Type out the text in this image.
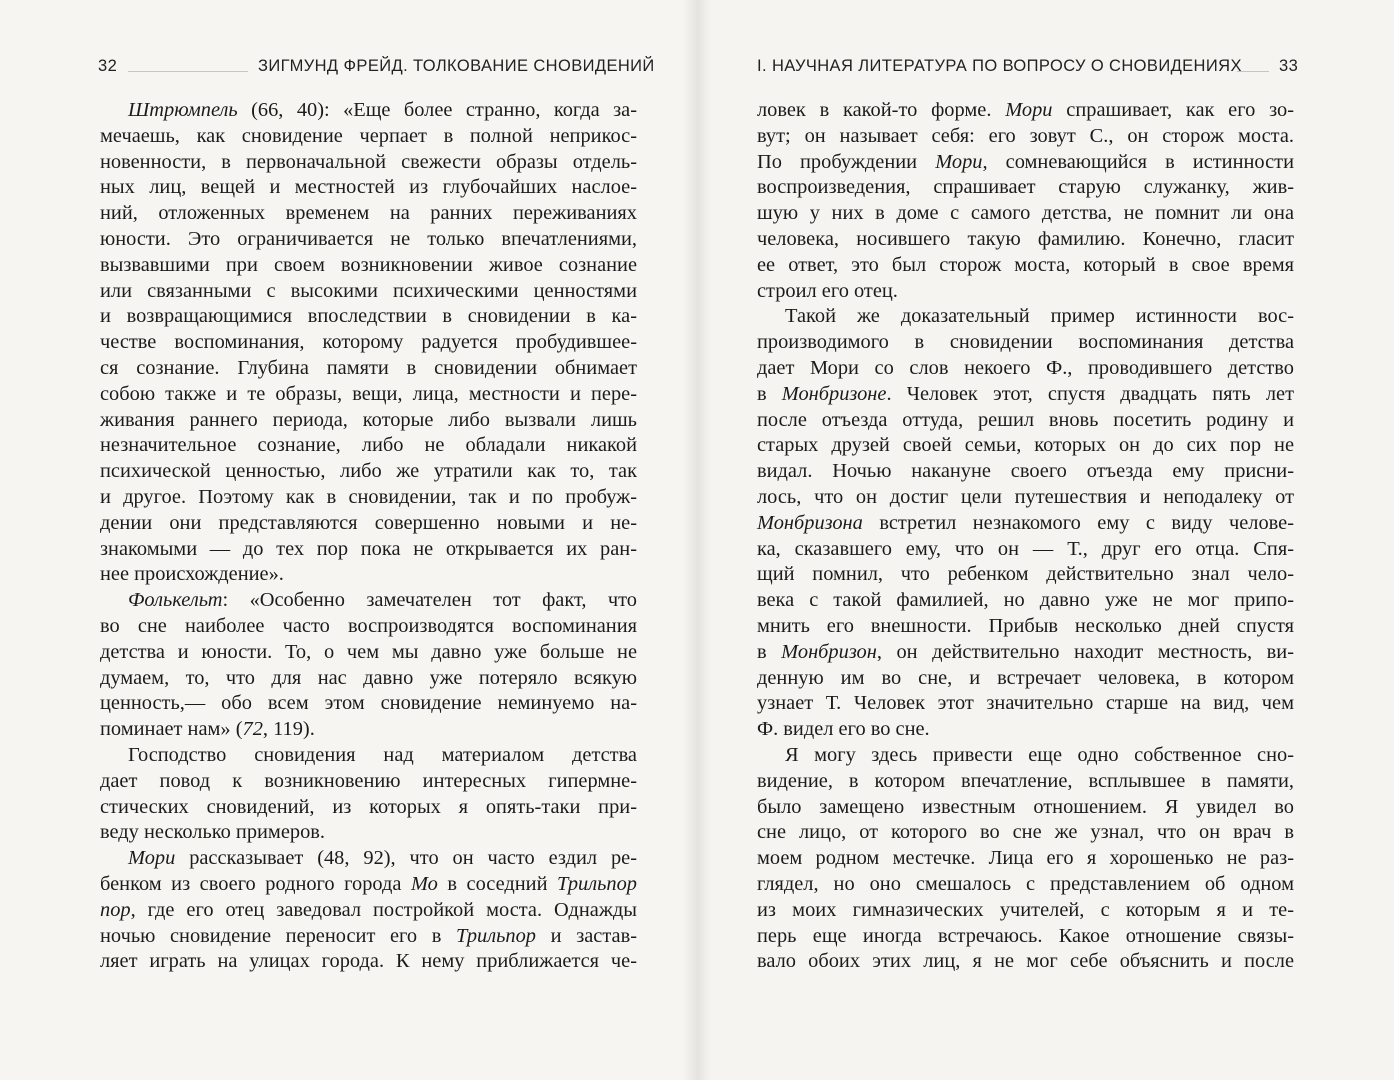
32	ЗИГМУНД ФРЕЙД. ТОЛКОВАНИЕ СНОВИДЕНИЙ
Штрюмпель (66, 40): «Еще более странно, когда за-
мечаешь, как сновидение черпает в полной неприкос-
новенности, в первоначальной свежести образы отдель-
ных лиц, вещей и местностей из глубочайших наслое-
ний, отложенных временем на ранних переживаниях
юности. Это ограничивается не только впечатлениями,
вызвавшими при своем возникновении живое сознание
или связанными с высокими психическими ценностями
и возвращающимися впоследствии в сновидении в ка-
честве воспоминания, которому радуется пробудившее-
ся сознание. Глубина памяти в сновидении обнимает
собою также и те образы, вещи, лица, местности и пере-
живания раннего периода, которые либо вызвали лишь
незначительное сознание, либо не обладали никакой
психической ценностью, либо же утратили как то, так
и другое. Поэтому как в сновидении, так и по пробуж-
дении они представляются совершенно новыми и не-
знакомыми — до тех пор пока не открывается их ран-
нее происхождение».
Фолькельт: «Особенно замечателен тот факт, что
во сне наиболее часто воспроизводятся воспоминания
детства и юности. То, о чем мы давно уже больше не
думаем, то, что для нас давно уже потеряло всякую
ценность,— обо всем этом сновидение неминуемо на-
поминает нам» (72, 119).
Господство сновидения над материалом детства
дает повод к возникновению интересных гипермне-
стических сновидений, из которых я опять-таки при-
веду несколько примеров.
Мори рассказывает (48, 92), что он часто ездил ре-
бенком из своего родного города Мо в соседний Трильпор
пор, где его отец заведовал постройкой моста. Однажды
ночью сновидение переносит его в Трильпор и застав-
ляет играть на улицах города. К нему приближается че-
I. НАУЧНАЯ ЛИТЕРАТУРА ПО ВОПРОСУ О СНОВИДЕНИЯХ 33
ловек в какой-то форме. Мори спрашивает, как его зо-
вут; он называет себя: его зовут С., он сторож моста.
По пробуждении Мори, сомневающийся в истинности
воспроизведения, спрашивает старую служанку, жив-
шую у них в доме с самого детства, не помнит ли она
человека, носившего такую фамилию. Конечно, гласит
ее ответ, это был сторож моста, который в свое время
строил его отец.
Такой же доказательный пример истинности вос-
производимого в сновидении воспоминания детства
дает Мори со слов некоего Ф., проводившего детство
в Монбризоне. Человек этот, спустя двадцать пять лет
после отъезда оттуда, решил вновь посетить родину и
старых друзей своей семьи, которых он до сих пор не
видал. Ночью накануне своего отъезда ему присни-
лось, что он достиг цели путешествия и неподалеку от
Монбризона встретил незнакомого ему с виду челове-
ка, сказавшего ему, что он — Т., друг его отца. Спя-
щий помнил, что ребенком действительно знал чело-
века с такой фамилией, но давно уже не мог припо-
мнить его внешности. Прибыв несколько дней спустя
в Монбризон, он действительно находит местность, ви-
денную им во сне, и встречает человека, в котором
узнает Т. Человек этот значительно старше на вид, чем
Ф. видел его во сне.
Я могу здесь привести еще одно собственное сно-
видение, в котором впечатление, всплывшее в памяти,
было замещено известным отношением. Я увидел во
сне лицо, от которого во сне же узнал, что он врач в
моем родном местечке. Лица его я хорошенько не раз-
глядел, но оно смешалось с представлением об одном
из моих гимназических учителей, с которым я и те-
перь еще иногда встречаюсь. Какое отношение связы-
вало обоих этих лиц, я не мог себе объяснить и после
